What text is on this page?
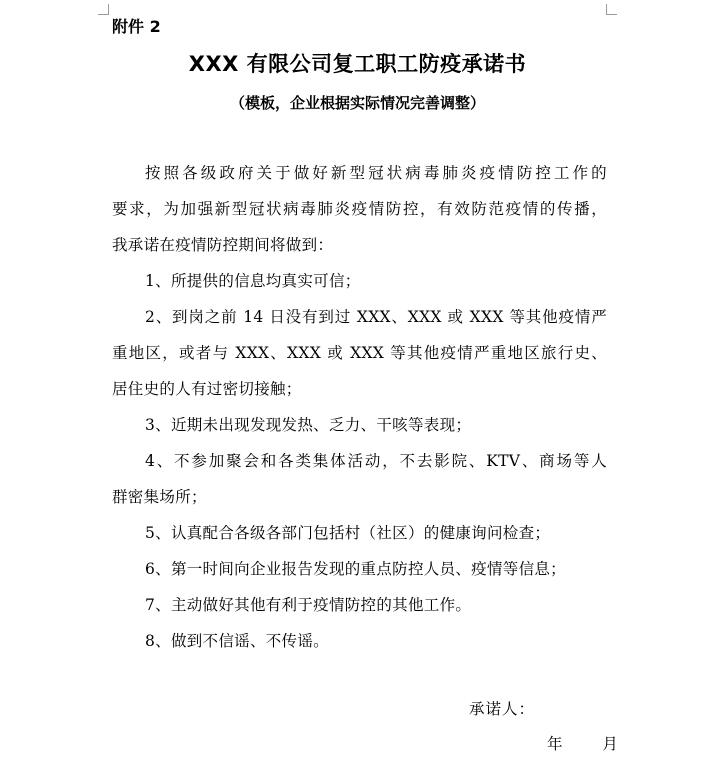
附件 2
XXX 有限公司复工职工防疫承诺书
（模板，企业根据实际情况完善调整）
按照各级政府关于做好新型冠状病毒肺炎疫情防控工作的
要求，为加强新型冠状病毒肺炎疫情防控，有效防范疫情的传播，
我承诺在疫情防控期间将做到：
1、所提供的信息均真实可信；
2、到岗之前 14 日没有到过 XXX、XXX 或 XXX 等其他疫情严
重地区，或者与 XXX、XXX 或 XXX 等其他疫情严重地区旅行史、
居住史的人有过密切接触；
3、近期未出现发现发热、乏力、干咳等表现；
4、不参加聚会和各类集体活动，不去影院、KTV、商场等人
群密集场所；
5、认真配合各级各部门包括村（社区）的健康询问检查；
6、第一时间向企业报告发现的重点防控人员、疫情等信息；
7、主动做好其他有利于疫情防控的其他工作。
8、做到不信谣、不传谣。
承诺人：
年	月
